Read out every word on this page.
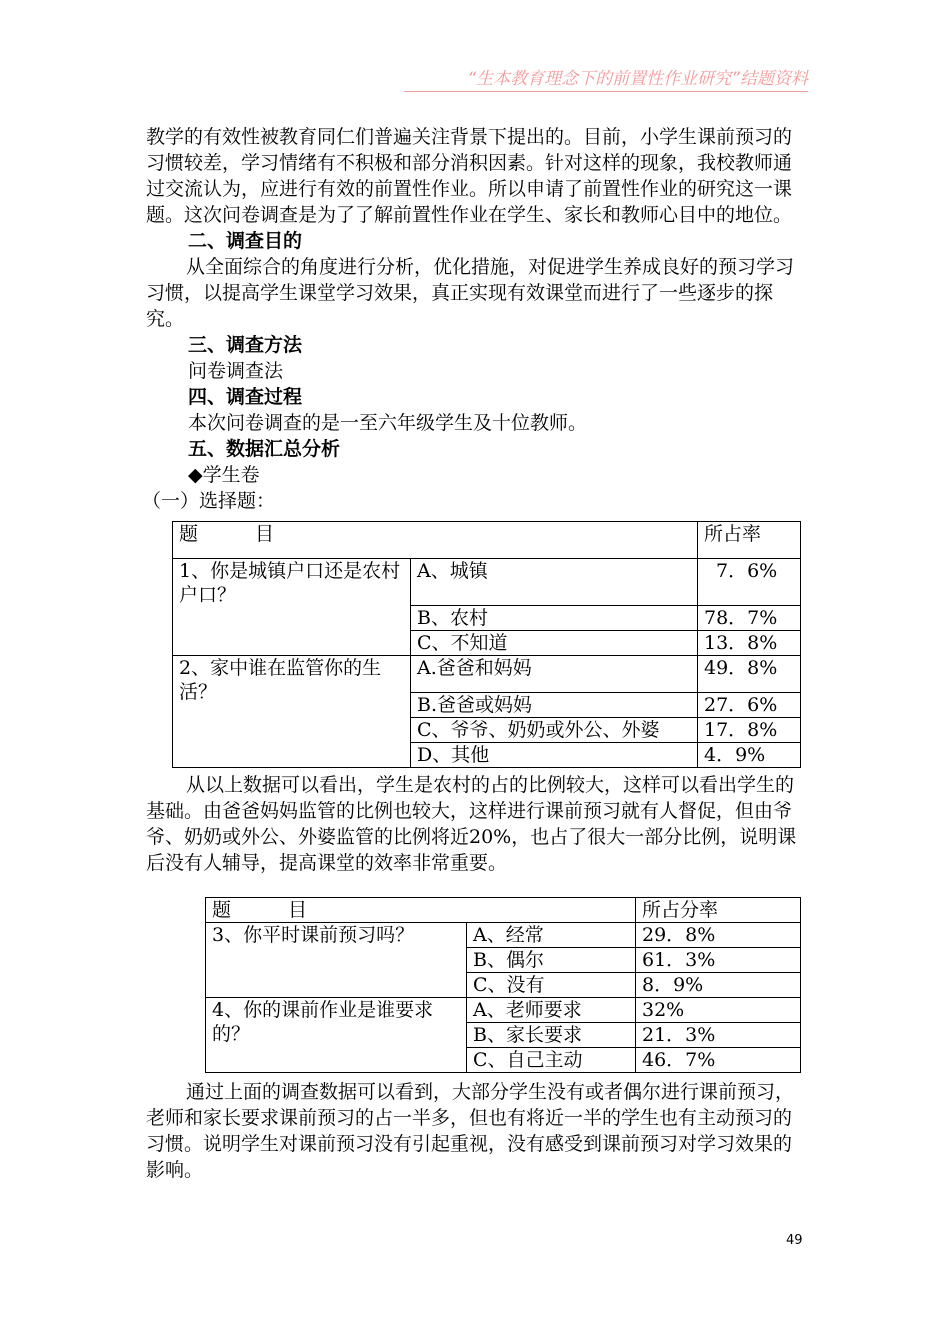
“生本教育理念下的前置性作业研究”结题资料

教学的有效性被教育同仁们普遍关注背景下提出的。目前，小学生课前预习的习惯较差，学习情绪有不积极和部分消积因素。针对这样的现象，我校教师通过交流认为，应进行有效的前置性作业。所以申请了前置性作业的研究这一课题。这次问卷调查是为了了解前置性作业在学生、家长和教师心目中的地位。

二、调查目的

从全面综合的角度进行分析，优化措施，对促进学生养成良好的预习学习习惯，以提高学生课堂学习效果，真正实现有效课堂而进行了一些逐步的探究。

三、调查方法

问卷调查法

四、调查过程

本次问卷调查的是一至六年级学生及十位教师。

五、数据汇总分析

◆学生卷

（一）选择题：

题　　　目		所占率
1、你是城镇户口还是农村户口？	A、城镇	7．6%
	B、农村	78．7%
	C、不知道	13．8%
2、家中谁在监管你的生活？	A.爸爸和妈妈	49．8%
	B.爸爸或妈妈	27．6%
	C、爷爷、奶奶或外公、外婆	17．8%
	D、其他	4．9%

从以上数据可以看出，学生是农村的占的比例较大，这样可以看出学生的基础。由爸爸妈妈监管的比例也较大，这样进行课前预习就有人督促，但由爷爷、奶奶或外公、外婆监管的比例将近20%，也占了很大一部分比例，说明课后没有人辅导，提高课堂的效率非常重要。

题　　　目		所占分率
3、你平时课前预习吗？	A、经常	29．8%
	B、偶尔	61．3%
	C、没有	8．9%
4、你的课前作业是谁要求的？	A、老师要求	32%
	B、家长要求	21．3%
	C、自己主动	46．7%

通过上面的调查数据可以看到，大部分学生没有或者偶尔进行课前预习，老师和家长要求课前预习的占一半多，但也有将近一半的学生也有主动预习的习惯。说明学生对课前预习没有引起重视，没有感受到课前预习对学习效果的影响。

49
